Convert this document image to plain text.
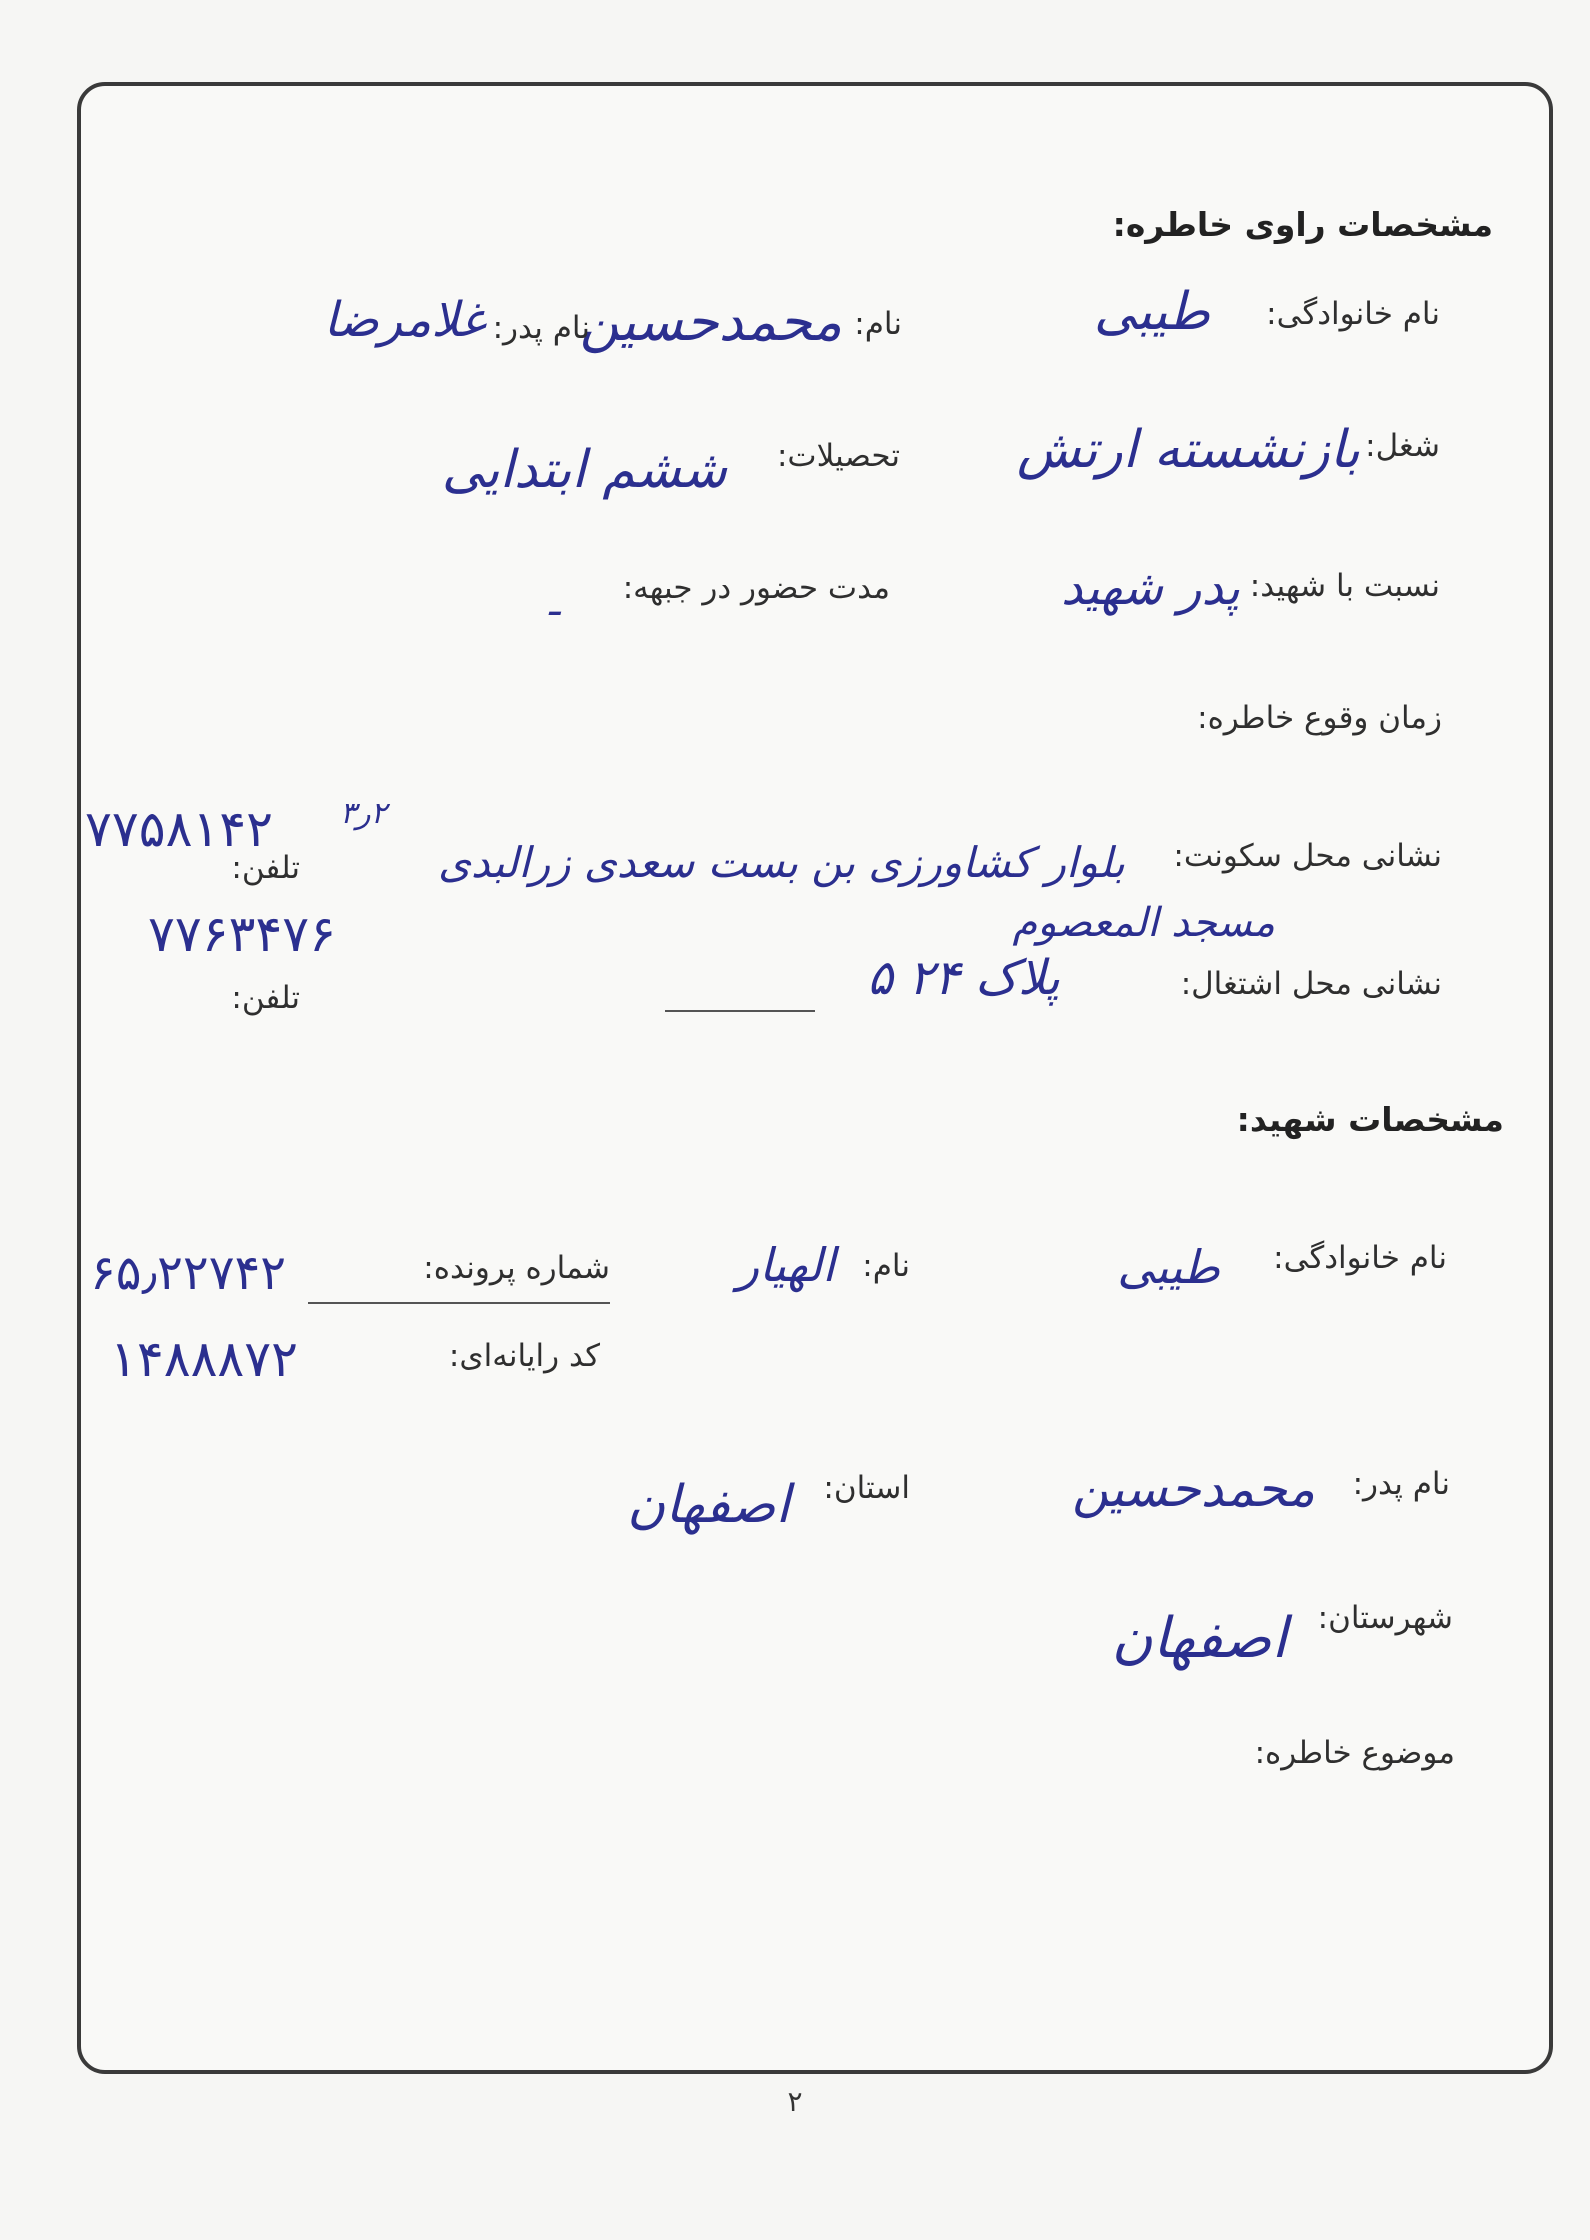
مشخصات راوی خاطره:
نام خانوادگی:
طیبی
نام:
محمدحسین
نام پدر:
غلامرضا
شغل:
بازنشسته ارتش
تحصیلات:
ششم ابتدایی
نسبت با شهید:
پدر شهید
مدت حضور در جبهه:
ـ
زمان وقوع خاطره:
نشانی محل سکونت:
بلوار کشاورزی بن بست سعدی زرالبدی
تلفن:
۷۷۵۸۱۴۲ ۲ر۳
مسجد المعصوم
نشانی محل اشتغال:
پلاک ۲۴ ۵
تلفن:
۷۷۶۳۴۷۶
مشخصات شهید:
نام خانوادگی:
طیبی
نام:
الهیار
شماره پرونده:
۶۵٫۲۲۷۴۲
کد رایانه‌ای:
۱۴۸۸۸۷۲
نام پدر:
محمدحسین
استان:
اصفهان
شهرستان:
اصفهان
موضوع خاطره:
۲
